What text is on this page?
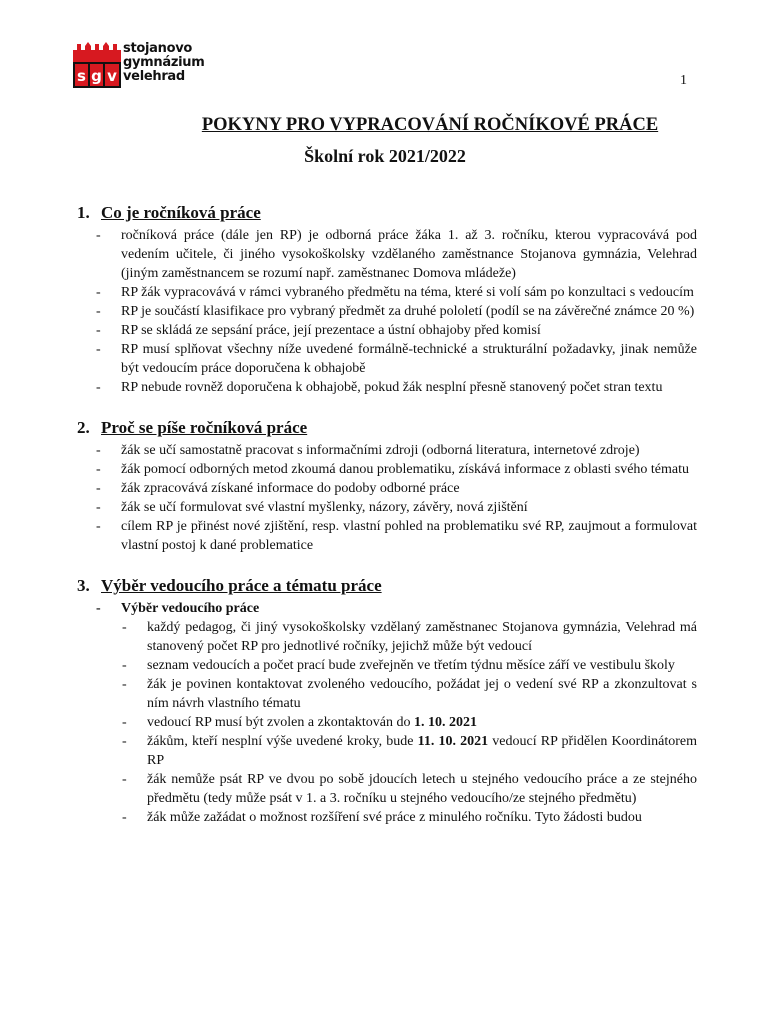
s g v
stojanovo
gymnázium
velehrad	1
POKYNY PRO VYPRACOVÁNÍ ROČNÍKOVÉ PRÁCE
Školní rok 2021/2022
1. Co je ročníková práce
- ročníková práce (dále jen RP) je odborná práce žáka 1. až 3. ročníku, kterou vypracovává pod vedením učitele, či jiného vysokoškolsky vzdělaného zaměstnance Stojanova gymnázia, Velehrad (jiným zaměstnancem se rozumí např. zaměstnanec Domova mládeže)
- RP žák vypracovává v rámci vybraného předmětu na téma, které si volí sám po konzultaci s vedoucím
- RP je součástí klasifikace pro vybraný předmět za druhé pololetí (podíl se na závěrečné známce 20 %)
- RP se skládá ze sepsání práce, její prezentace a ústní obhajoby před komisí
- RP musí splňovat všechny níže uvedené formálně-technické a strukturální požadavky, jinak nemůže být vedoucím práce doporučena k obhajobě
- RP nebude rovněž doporučena k obhajobě, pokud žák nesplní přesně stanovený počet stran textu
2. Proč se píše ročníková práce
- žák se učí samostatně pracovat s informačními zdroji (odborná literatura, internetové zdroje)
- žák pomocí odborných metod zkoumá danou problematiku, získává informace z oblasti svého tématu
- žák zpracovává získané informace do podoby odborné práce
- žák se učí formulovat své vlastní myšlenky, názory, závěry, nová zjištění
- cílem RP je přinést nové zjištění, resp. vlastní pohled na problematiku své RP, zaujmout a formulovat vlastní postoj k dané problematice
3. Výběr vedoucího práce a tématu práce
- Výběr vedoucího práce
- každý pedagog, či jiný vysokoškolsky vzdělaný zaměstnanec Stojanova gymnázia, Velehrad má stanovený počet RP pro jednotlivé ročníky, jejichž může být vedoucí
- seznam vedoucích a počet prací bude zveřejněn ve třetím týdnu měsíce září ve vestibulu školy
- žák je povinen kontaktovat zvoleného vedoucího, požádat jej o vedení své RP a zkonzultovat s ním návrh vlastního tématu
- vedoucí RP musí být zvolen a zkontaktován do 1. 10. 2021
- žákům, kteří nesplní výše uvedené kroky, bude 11. 10. 2021 vedoucí RP přidělen Koordinátorem RP
- žák nemůže psát RP ve dvou po sobě jdoucích letech u stejného vedoucího práce a ze stejného předmětu (tedy může psát v 1. a 3. ročníku u stejného vedoucího/ze stejného předmětu)
- žák může zažádat o možnost rozšíření své práce z minulého ročníku. Tyto žádosti budou
